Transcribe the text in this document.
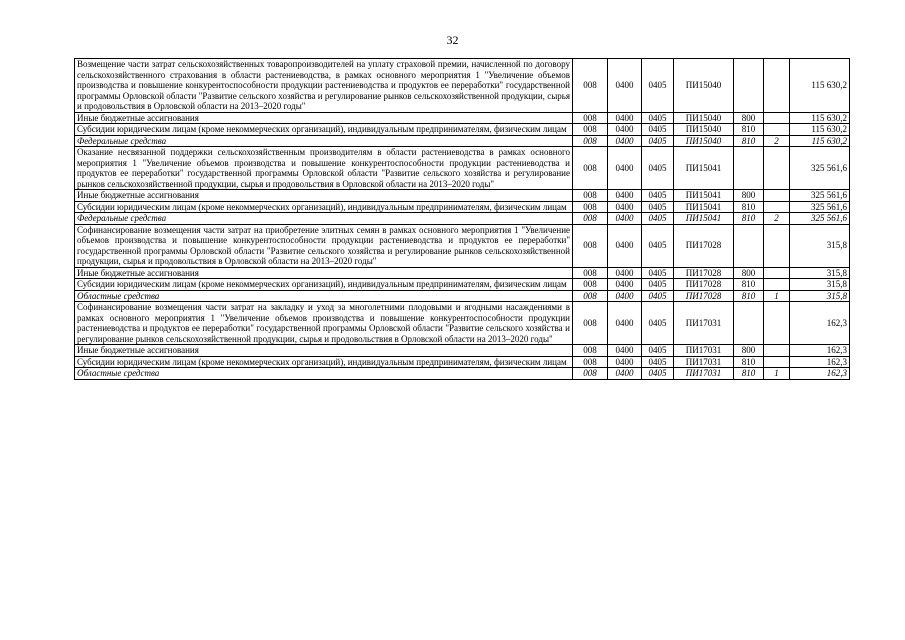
32
Возмещение части затрат сельскохозяйственных товаропроизводителей на уплату страховой премии, начисленной по договору сельскохозяйственного страхования в области растениеводства, в рамках основного мероприятия 1 "Увеличение объемов производства и повышение конкурентоспособности продукции растениеводства и продуктов ее переработки" государственной программы Орловской области "Развитие сельского хозяйства и регулирование рынков сельскохозяйственной продукции, сырья и продовольствия в Орловской области на 2013–2020 годы"	008	0400	0405	ПИ15040			115 630,2
Иные бюджетные ассигнования	008	0400	0405	ПИ15040	800		115 630,2
Субсидии юридическим лицам (кроме некоммерческих организаций), индивидуальным предпринимателям, физическим лицам	008	0400	0405	ПИ15040	810		115 630,2
Федеральные средства	008	0400	0405	ПИ15040	810	2	115 630,2
Оказание несвязанной поддержки сельскохозяйственным производителям в области растениеводства в рамках основного мероприятия 1 "Увеличение объемов производства и повышение конкурентоспособности продукции растениеводства и продуктов ее переработки" государственной программы Орловской области "Развитие сельского хозяйства и регулирование рынков сельскохозяйственной продукции, сырья и продовольствия в Орловской области на 2013–2020 годы"	008	0400	0405	ПИ15041			325 561,6
Иные бюджетные ассигнования	008	0400	0405	ПИ15041	800		325 561,6
Субсидии юридическим лицам (кроме некоммерческих организаций), индивидуальным предпринимателям, физическим лицам	008	0400	0405	ПИ15041	810		325 561,6
Федеральные средства	008	0400	0405	ПИ15041	810	2	325 561,6
Софинансирование возмещения части затрат на приобретение элитных семян в рамках основного мероприятия 1 "Увеличение объемов производства и повышение конкурентоспособности продукции растениеводства и продуктов ее переработки" государственной программы Орловской области "Развитие сельского хозяйства и регулирование рынков сельскохозяйственной продукции, сырья и продовольствия в Орловской области на 2013–2020 годы"	008	0400	0405	ПИ17028			315,8
Иные бюджетные ассигнования	008	0400	0405	ПИ17028	800		315,8
Субсидии юридическим лицам (кроме некоммерческих организаций), индивидуальным предпринимателям, физическим лицам	008	0400	0405	ПИ17028	810		315,8
Областные средства	008	0400	0405	ПИ17028	810	1	315,8
Софинансирование возмещения части затрат на закладку и уход за многолетними плодовыми и ягодными насаждениями в рамках основного мероприятия 1 "Увеличение объемов производства и повышение конкурентоспособности продукции растениеводства и продуктов ее переработки" государственной программы Орловской области "Развитие сельского хозяйства и регулирование рынков сельскохозяйственной продукции, сырья и продовольствия в Орловской области на 2013–2020 годы"	008	0400	0405	ПИ17031			162,3
Иные бюджетные ассигнования	008	0400	0405	ПИ17031	800		162,3
Субсидии юридическим лицам (кроме некоммерческих организаций), индивидуальным предпринимателям, физическим лицам	008	0400	0405	ПИ17031	810		162,3
Областные средства	008	0400	0405	ПИ17031	810	1	162,3
